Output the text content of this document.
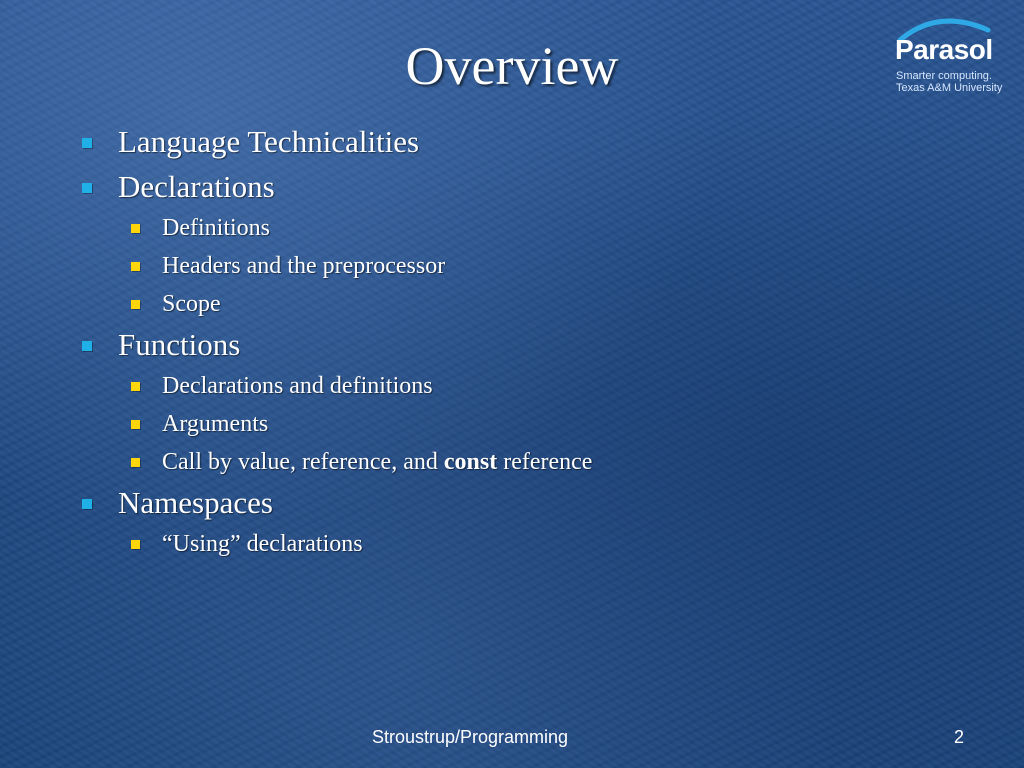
Overview	Parasol
Smarter computing.
Texas A&M University
Language Technicalities
Declarations
Definitions
Headers and the preprocessor
Scope
Functions
Declarations and definitions
Arguments
Call by value, reference, and const reference
Namespaces
“Using” declarations
Stroustrup/Programming	2
